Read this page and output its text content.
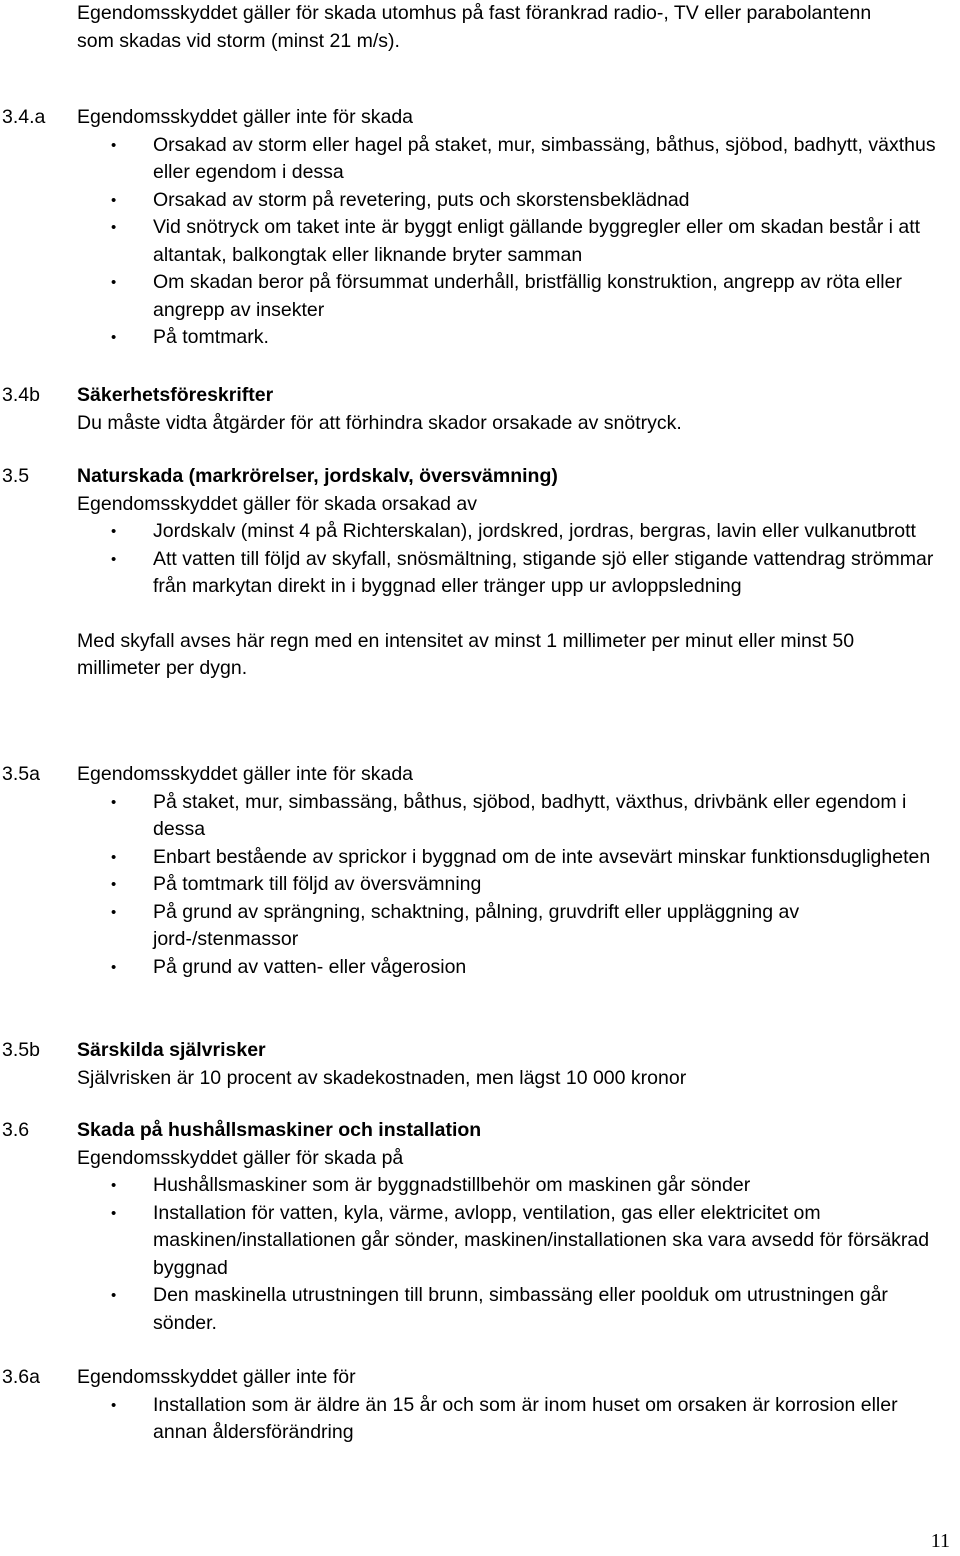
Egendomsskyddet gäller för skada utomhus på fast förankrad radio-, TV eller parabolantenn som skadas vid storm (minst 21 m/s).

3.4.a Egendomsskyddet gäller inte för skada

• Orsakad av storm eller hagel på staket, mur, simbassäng, båthus, sjöbod, badhytt, växthus eller egendom i dessa
• Orsakad av storm på revetering, puts och skorstensbeklädnad
• Vid snötryck om taket inte är byggt enligt gällande byggregler eller om skadan består i att altantak, balkongtak eller liknande bryter samman
• Om skadan beror på försummat underhåll, bristfällig konstruktion, angrepp av röta eller angrepp av insekter
• På tomtmark.
3.4b Säkerhetsföreskrifter

Du måste vidta åtgärder för att förhindra skador orsakade av snötryck.

3.5 Naturskada (markrörelser, jordskalv, översvämning)

Egendomsskyddet gäller för skada orsakad av

• Jordskalv (minst 4 på Richterskalan), jordskred, jordras, bergras, lavin eller vulkanutbrott
• Att vatten till följd av skyfall, snösmältning, stigande sjö eller stigande vattendrag strömmar från markytan direkt in i byggnad eller tränger upp ur avloppsledning

Med skyfall avses här regn med en intensitet av minst 1 millimeter per minut eller minst 50 millimeter per dygn.

3.5a Egendomsskyddet gäller inte för skada

• På staket, mur, simbassäng, båthus, sjöbod, badhytt, växthus, drivbänk eller egendom i dessa
• Enbart bestående av sprickor i byggnad om de inte avsevärt minskar funktionsdugligheten
• På tomtmark till följd av översvämning
• På grund av sprängning, schaktning, pålning, gruvdrift eller uppläggning av jord-/stenmassor
• På grund av vatten- eller vågerosion
3.5b Särskilda självrisker

Självrisken är 10 procent av skadekostnaden, men lägst 10 000 kronor

3.6 Skada på hushållsmaskiner och installation

Egendomsskyddet gäller för skada på

• Hushållsmaskiner som är byggnadstillbehör om maskinen går sönder
• Installation för vatten, kyla, värme, avlopp, ventilation, gas eller elektricitet om maskinen/installationen går sönder, maskinen/installationen ska vara avsedd för försäkrad byggnad
• Den maskinella utrustningen till brunn, simbassäng eller poolduk om utrustningen går sönder.
3.6a Egendomsskyddet gäller inte för

• Installation som är äldre än 15 år och som är inom huset om orsaken är korrosion eller annan åldersförändring
11
